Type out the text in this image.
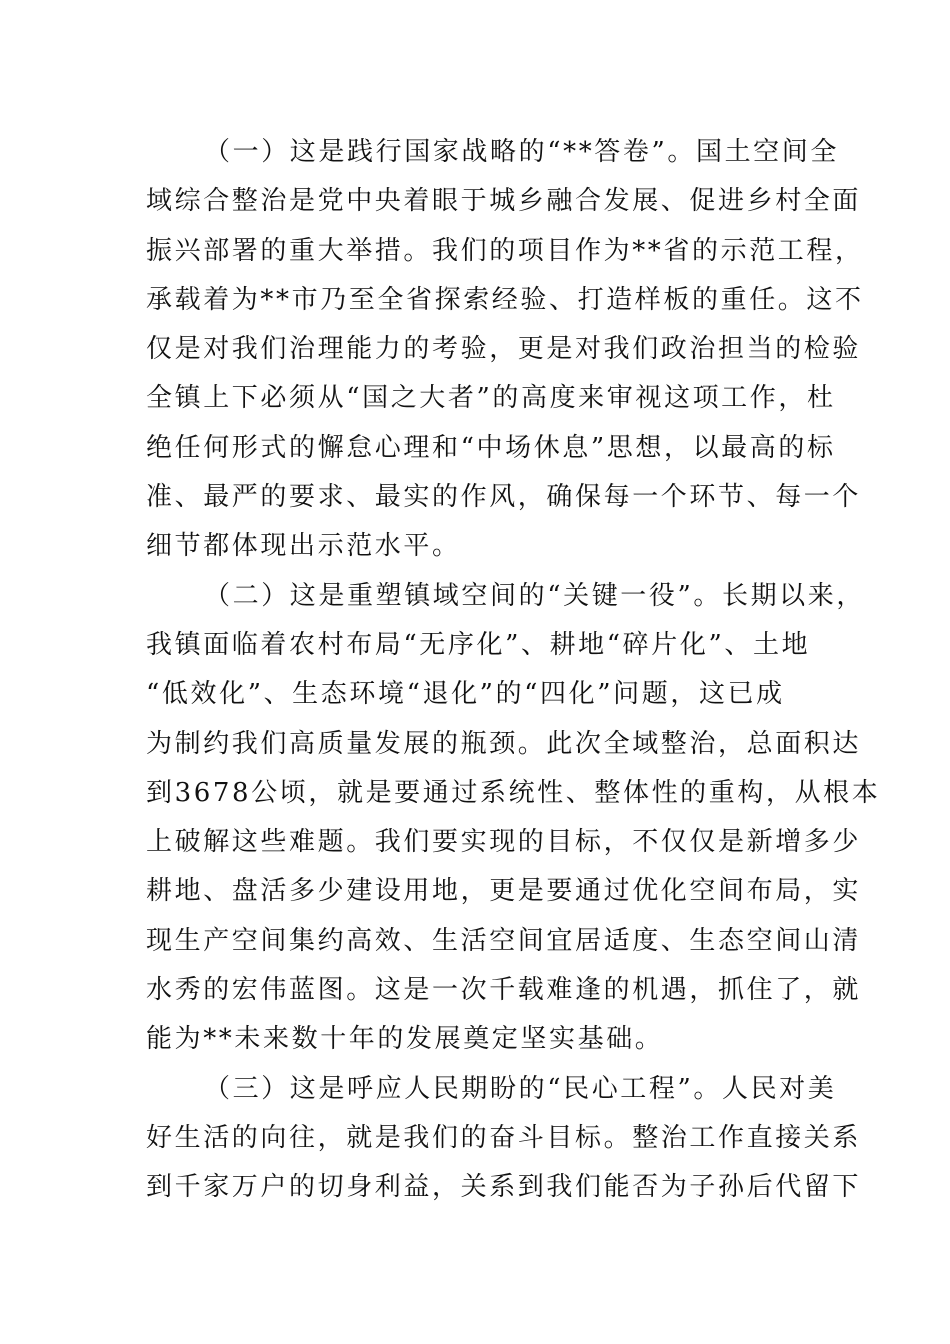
（一）这是践行国家战略的“**答卷”。国土空间全
域综合整治是党中央着眼于城乡融合发展、促进乡村全面
振兴部署的重大举措。我们的项目作为**省的示范工程，
承载着为**市乃至全省探索经验、打造样板的重任。这不
仅是对我们治理能力的考验，更是对我们政治担当的检验
全镇上下必须从“国之大者”的高度来审视这项工作，杜
绝任何形式的懈怠心理和“中场休息”思想，以最高的标
准、最严的要求、最实的作风，确保每一个环节、每一个
细节都体现出示范水平。
（二）这是重塑镇域空间的“关键一役”。长期以来，
我镇面临着农村布局“无序化”、耕地“碎片化”、土地
“低效化”、生态环境“退化”的“四化”问题，这已成
为制约我们高质量发展的瓶颈。此次全域整治，总面积达
到3678公顷，就是要通过系统性、整体性的重构，从根本
上破解这些难题。我们要实现的目标，不仅仅是新增多少
耕地、盘活多少建设用地，更是要通过优化空间布局，实
现生产空间集约高效、生活空间宜居适度、生态空间山清
水秀的宏伟蓝图。这是一次千载难逢的机遇，抓住了，就
能为**未来数十年的发展奠定坚实基础。
（三）这是呼应人民期盼的“民心工程”。人民对美
好生活的向往，就是我们的奋斗目标。整治工作直接关系
到千家万户的切身利益，关系到我们能否为子孙后代留下
